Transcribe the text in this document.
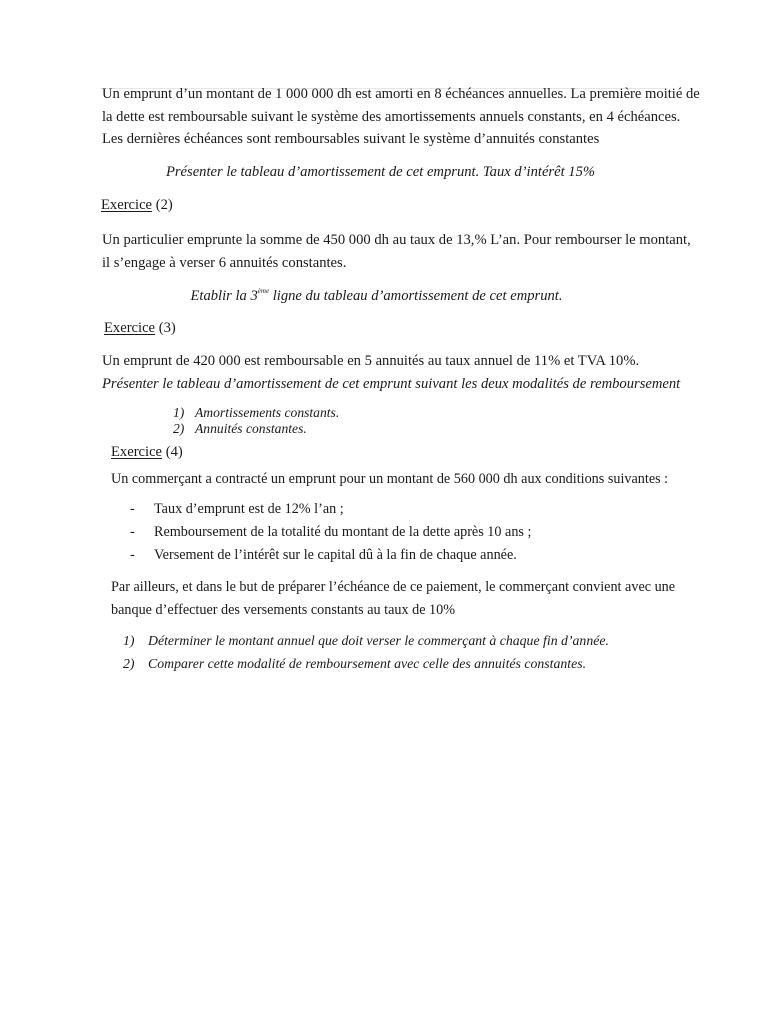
Un emprunt d’un montant de 1 000 000 dh est amorti en 8 échéances annuelles. La première moitié de
la dette est remboursable suivant le système des amortissements annuels constants, en 4 échéances.
Les dernières échéances sont remboursables suivant le système d’annuités constantes
Présenter le tableau d’amortissement de cet emprunt. Taux d’intérêt 15%
Exercice (2)
Un particulier emprunte la somme de 450 000 dh au taux de 13,% L’an. Pour rembourser le montant,
il s’engage à verser 6 annuités constantes.
Etablir la 3ème ligne du tableau d’amortissement de cet emprunt.
Exercice (3)
Un emprunt de 420 000 est remboursable en 5 annuités au taux annuel de 11% et TVA 10%.
Présenter le tableau d’amortissement de cet emprunt suivant les deux modalités de remboursement
1) Amortissements constants.
2) Annuités constantes.
Exercice (4)
Un commerçant a contracté un emprunt pour un montant de 560 000 dh aux conditions suivantes :
- Taux d’emprunt est de 12% l’an ;
- Remboursement de la totalité du montant de la dette après 10 ans ;
- Versement de l’intérêt sur le capital dû à la fin de chaque année.
Par ailleurs, et dans le but de préparer l’échéance de ce paiement, le commerçant convient avec une
banque d’effectuer des versements constants au taux de 10%
1) Déterminer le montant annuel que doit verser le commerçant à chaque fin d’année.
2) Comparer cette modalité de remboursement avec celle des annuités constantes.
